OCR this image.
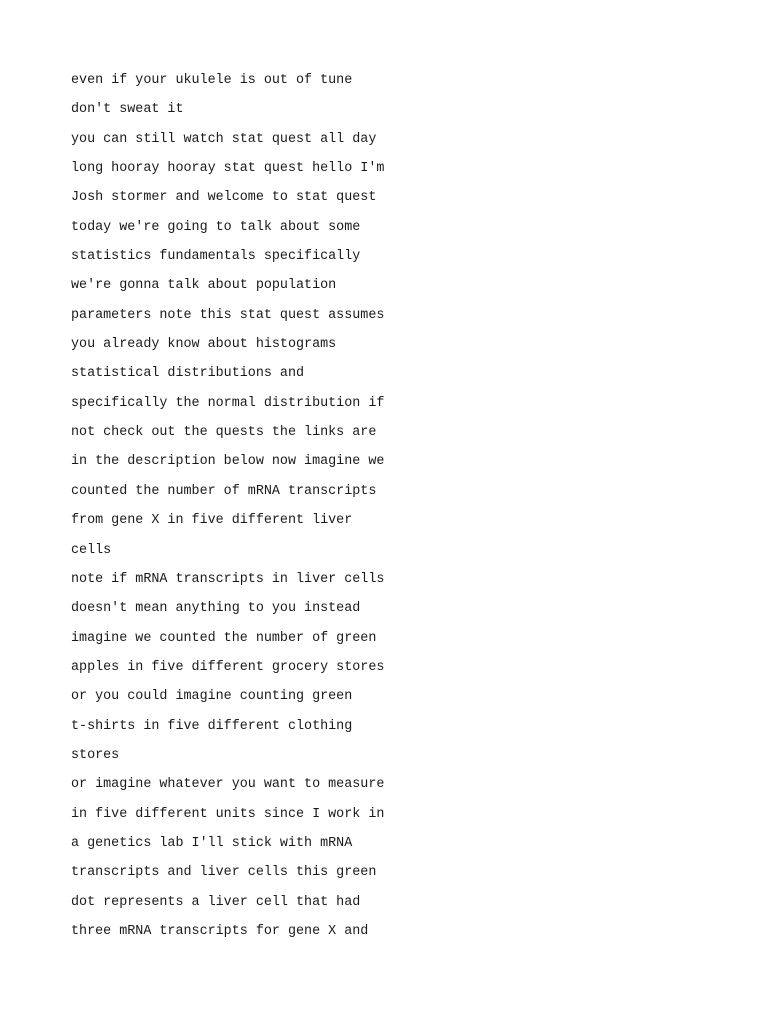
even if your ukulele is out of tune
don't sweat it
you can still watch stat quest all day
long hooray hooray stat quest hello I'm
Josh stormer and welcome to stat quest
today we're going to talk about some
statistics fundamentals specifically
we're gonna talk about population
parameters note this stat quest assumes
you already know about histograms
statistical distributions and
specifically the normal distribution if
not check out the quests the links are
in the description below now imagine we
counted the number of mRNA transcripts
from gene X in five different liver
cells
note if mRNA transcripts in liver cells
doesn't mean anything to you instead
imagine we counted the number of green
apples in five different grocery stores
or you could imagine counting green
t-shirts in five different clothing
stores
or imagine whatever you want to measure
in five different units since I work in
a genetics lab I'll stick with mRNA
transcripts and liver cells this green
dot represents a liver cell that had
three mRNA transcripts for gene X and
